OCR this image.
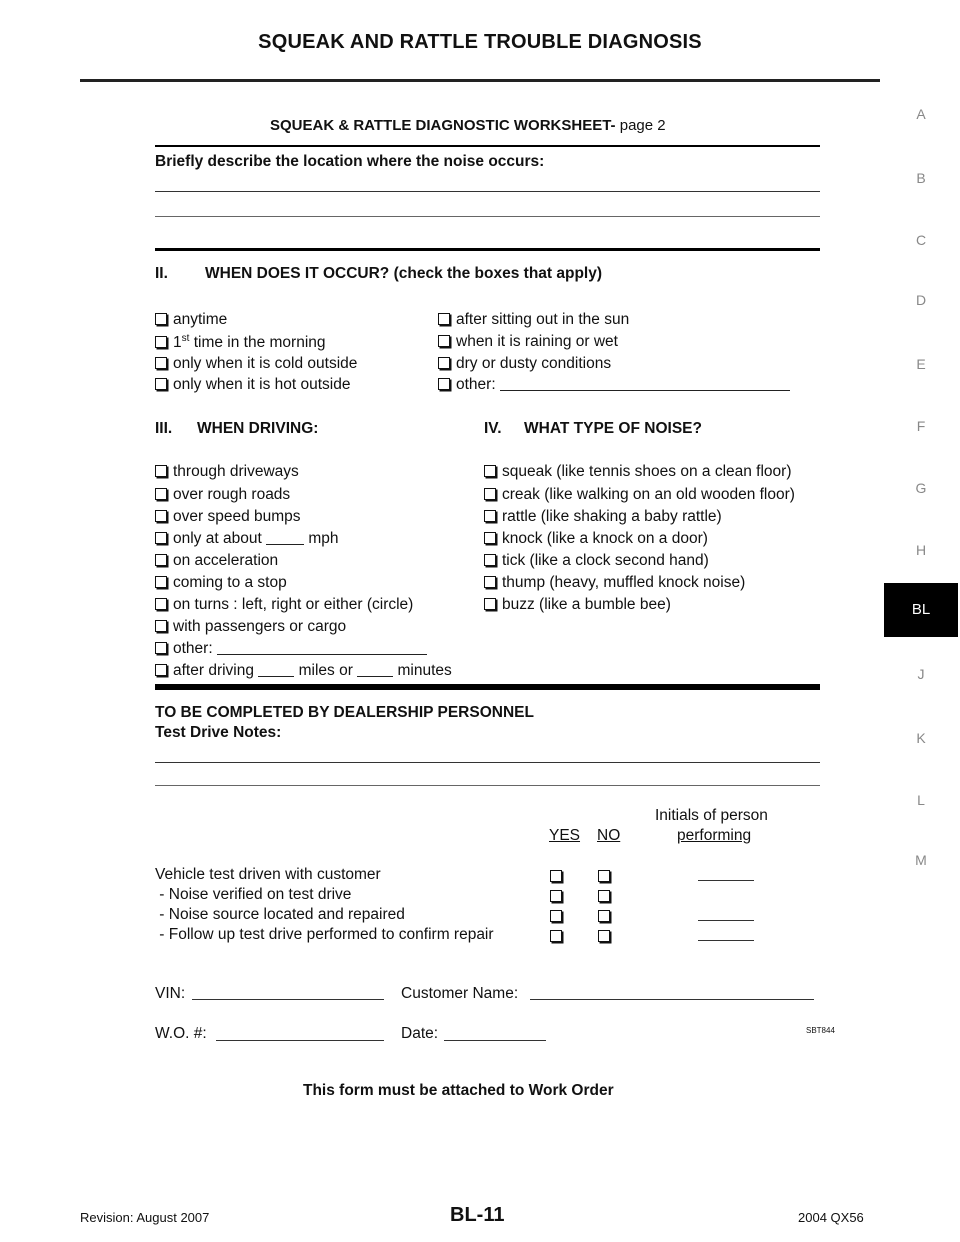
SQUEAK AND RATTLE TROUBLE DIAGNOSIS
A
B
C
D
E
F
G
H
BL
J
K
L
M
SQUEAK & RATTLE DIAGNOSTIC WORKSHEET- page 2
Briefly describe the location where the noise occurs:
II. WHEN DOES IT OCCUR? (check the boxes that apply)
anytime
1st time in the morning
only when it is cold outside
only when it is hot outside
after sitting out in the sun
when it is raining or wet
dry or dusty conditions
other:
III. WHEN DRIVING:	IV. WHAT TYPE OF NOISE?
through driveways
over rough roads
over speed bumps
only at about	mph
on acceleration
coming to a stop
on turns : left, right or either (circle)
with passengers or cargo
other:
after driving	miles or	minutes
squeak (like tennis shoes on a clean floor)
creak (like walking on an old wooden floor)
rattle (like shaking a baby rattle)
knock (like a knock on a door)
tick (like a clock second hand)
thump (heavy, muffled knock noise)
buzz (like a bumble bee)
TO BE COMPLETED BY DEALERSHIP PERSONNEL
Test Drive Notes:
Initials of person
YES NO	performing
Vehicle test driven with customer
- Noise verified on test drive
- Noise source located and repaired
- Follow up test drive performed to confirm repair
VIN:	Customer Name:
W.O. #:	Date:	SBT844
This form must be attached to Work Order
Revision: August 2007	BL-11	2004 QX56
